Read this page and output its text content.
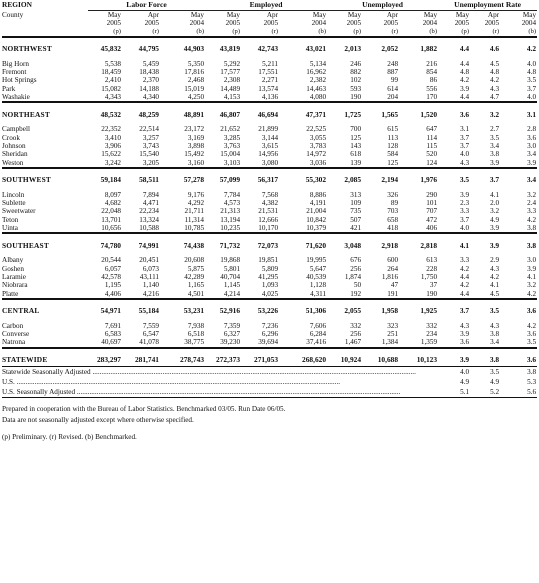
REGION	Labor Force			Employed			Unemployed			Unemployment Rate		
County	May	Apr	May	May	Apr	May	May	Apr	May	May	Apr	May
	2005	2005	2004	2005	2005	2004	2005	2005	2004	2005	2005	2004
	(p)	(r)	(b)	(p)	(r)	(b)	(p)	(r)	(b)	(p)	(r)	(b)

NORTHWEST	45,832	44,795	44,903	43,819	42,743	43,021	2,013	2,052	1,882	4.4	4.6	4.2

Big Horn	5,538	5,459	5,350	5,292	5,211	5,134	246	248	216	4.4	4.5	4.0
Fremont	18,459	18,438	17,816	17,577	17,551	16,962	882	887	854	4.8	4.8	4.8
Hot Springs	2,410	2,370	2,468	2,308	2,271	2,382	102	99	86	4.2	4.2	3.5
Park	15,082	14,188	15,019	14,489	13,574	14,463	593	614	556	3.9	4.3	3.7
Washakie	4,343	4,340	4,250	4,153	4,136	4,080	190	204	170	4.4	4.7	4.0

NORTHEAST	48,532	48,259	48,891	46,807	46,694	47,371	1,725	1,565	1,520	3.6	3.2	3.1

Campbell	22,352	22,514	23,172	21,652	21,899	22,525	700	615	647	3.1	2.7	2.8
Crook	3,410	3,257	3,169	3,285	3,144	3,055	125	113	114	3.7	3.5	3.6
Johnson	3,906	3,743	3,898	3,763	3,615	3,783	143	128	115	3.7	3.4	3.0
Sheridan	15,622	15,540	15,492	15,004	14,956	14,972	618	584	520	4.0	3.8	3.4
Weston	3,242	3,205	3,160	3,103	3,080	3,036	139	125	124	4.3	3.9	3.9

SOUTHWEST	59,184	58,511	57,278	57,099	56,317	55,302	2,085	2,194	1,976	3.5	3.7	3.4

Lincoln	8,097	7,894	9,176	7,784	7,568	8,886	313	326	290	3.9	4.1	3.2
Sublette	4,682	4,471	4,292	4,573	4,382	4,191	109	89	101	2.3	2.0	2.4
Sweetwater	22,048	22,234	21,711	21,313	21,531	21,004	735	703	707	3.3	3.2	3.3
Teton	13,701	13,324	11,314	13,194	12,666	10,842	507	658	472	3.7	4.9	4.2
Uinta	10,656	10,588	10,785	10,235	10,170	10,379	421	418	406	4.0	3.9	3.8

SOUTHEAST	74,780	74,991	74,438	71,732	72,073	71,620	3,048	2,918	2,818	4.1	3.9	3.8

Albany	20,544	20,451	20,608	19,868	19,851	19,995	676	600	613	3.3	2.9	3.0
Goshen	6,057	6,073	5,875	5,801	5,809	5,647	256	264	228	4.2	4.3	3.9
Laramie	42,578	43,111	42,289	40,704	41,295	40,539	1,874	1,816	1,750	4.4	4.2	4.1
Niobrara	1,195	1,140	1,165	1,145	1,093	1,128	50	47	37	4.2	4.1	3.2
Platte	4,406	4,216	4,501	4,214	4,025	4,311	192	191	190	4.4	4.5	4.2

CENTRAL	54,971	55,184	53,231	52,916	53,226	51,306	2,055	1,958	1,925	3.7	3.5	3.6

Carbon	7,691	7,559	7,938	7,359	7,236	7,606	332	323	332	4.3	4.3	4.2
Converse	6,583	6,547	6,518	6,327	6,296	6,284	256	251	234	3.9	3.8	3.6
Natrona	40,697	41,078	38,775	39,230	39,694	37,416	1,467	1,384	1,359	3.6	3.4	3.5

STATEWIDE	283,297	281,741	278,743	272,373	271,053	268,620	10,924	10,688	10,123	3.9	3.8	3.6
Statewide Seasonally Adjusted ....................................................................................................................................................................................										4.0	3.5	3.8
U.S. ....................................................................................................................................................................................										4.9	4.9	5.3
U.S. Seasonally Adjusted ....................................................................................................................................................................................										5.1	5.2	5.6

Prepared in cooperation with the Bureau of Labor Statistics. Benchmarked 03/05. Run Date 06/05.

Data are not seasonally adjusted except where otherwise specified.

(p) Preliminary. (r) Revised. (b) Benchmarked.
